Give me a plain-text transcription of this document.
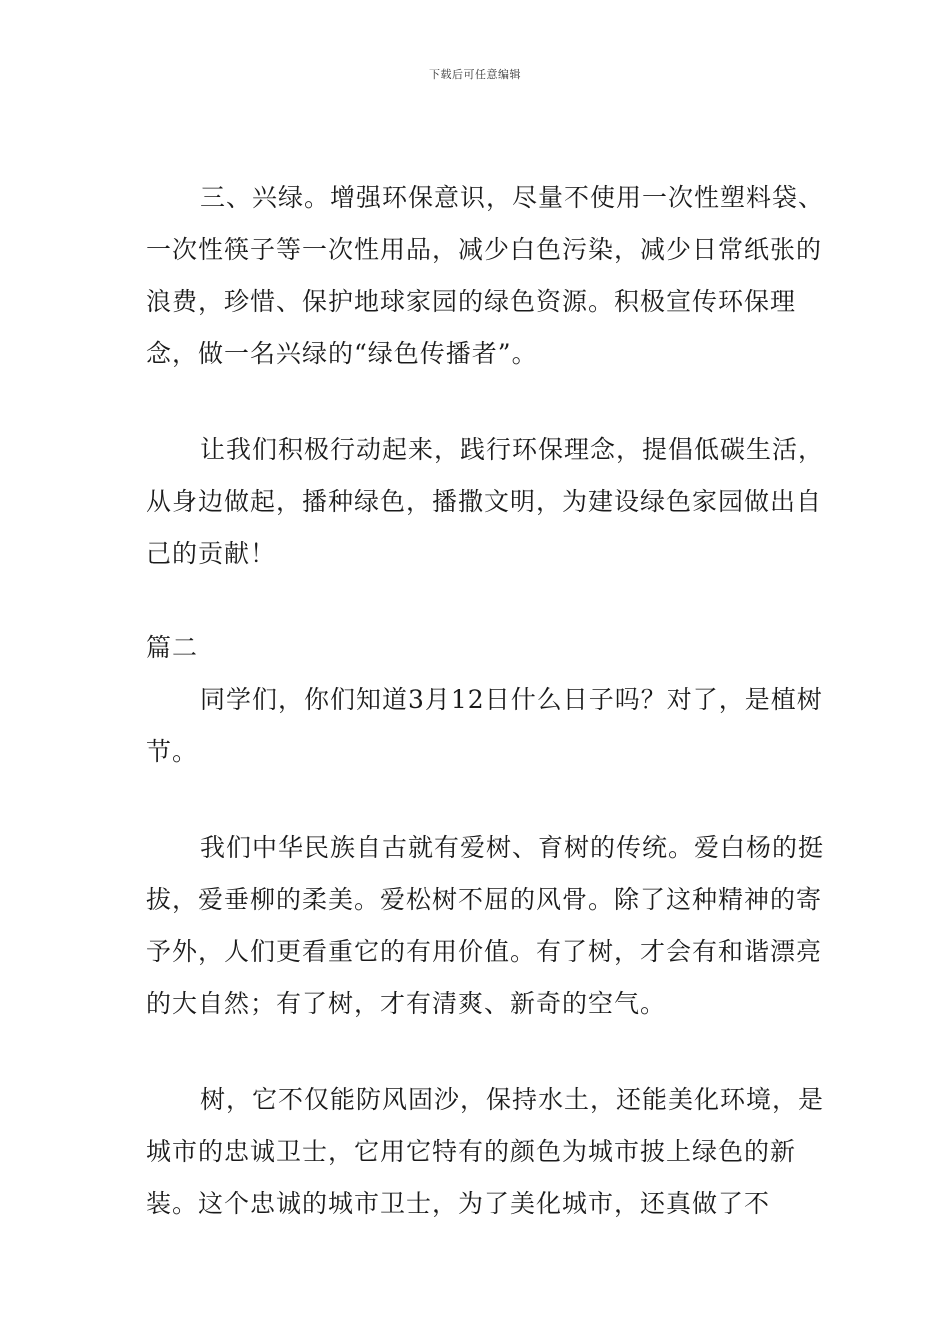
下载后可任意编辑

三、兴绿。增强环保意识，尽量不使用一次性塑料袋、一次性筷子等一次性用品，减少白色污染，减少日常纸张的浪费，珍惜、保护地球家园的绿色资源。积极宣传环保理念，做一名兴绿的“绿色传播者”。

让我们积极行动起来，践行环保理念，提倡低碳生活，从身边做起，播种绿色，播撒文明，为建设绿色家园做出自己的贡献！

篇二

同学们，你们知道3月12日什么日子吗？对了，是植树节。

我们中华民族自古就有爱树、育树的传统。爱白杨的挺拔，爱垂柳的柔美。爱松树不屈的风骨。除了这种精神的寄予外，人们更看重它的有用价值。有了树，才会有和谐漂亮的大自然；有了树，才有清爽、新奇的空气。

树，它不仅能防风固沙，保持水土，还能美化环境，是城市的忠诚卫士，它用它特有的颜色为城市披上绿色的新装。这个忠诚的城市卫士，为了美化城市，还真做了不
